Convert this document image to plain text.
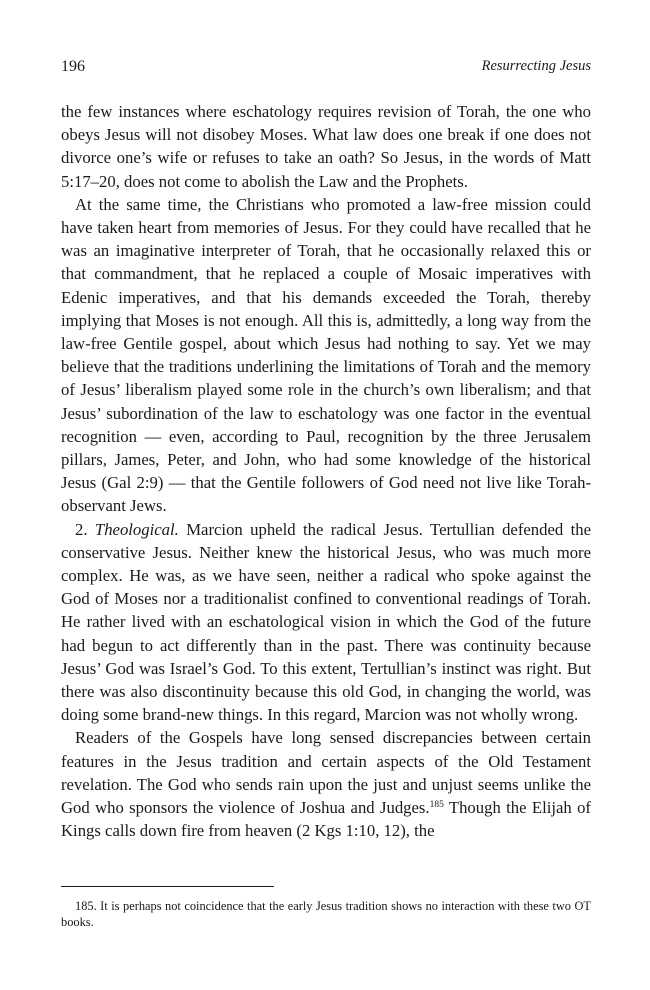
196	Resurrecting Jesus

the few instances where eschatology requires revision of Torah, the one who obeys Jesus will not disobey Moses. What law does one break if one does not divorce one’s wife or refuses to take an oath? So Jesus, in the words of Matt 5:17–20, does not come to abolish the Law and the Prophets.

At the same time, the Christians who promoted a law-free mission could have taken heart from memories of Jesus. For they could have recalled that he was an imaginative interpreter of Torah, that he occasionally relaxed this or that commandment, that he replaced a couple of Mosaic imperatives with Edenic imperatives, and that his demands exceeded the Torah, thereby implying that Moses is not enough. All this is, admittedly, a long way from the law-free Gentile gospel, about which Jesus had nothing to say. Yet we may believe that the traditions underlining the limitations of Torah and the memory of Jesus’ liberalism played some role in the church’s own liberalism; and that Jesus’ subordination of the law to eschatology was one factor in the eventual recognition — even, according to Paul, recognition by the three Jerusalem pillars, James, Peter, and John, who had some knowledge of the historical Jesus (Gal 2:9) — that the Gentile followers of God need not live like Torah-observant Jews.

2. Theological. Marcion upheld the radical Jesus. Tertullian defended the conservative Jesus. Neither knew the historical Jesus, who was much more complex. He was, as we have seen, neither a radical who spoke against the God of Moses nor a traditionalist confined to conventional readings of Torah. He rather lived with an eschatological vision in which the God of the future had begun to act differently than in the past. There was continuity because Jesus’ God was Israel’s God. To this extent, Tertullian’s instinct was right. But there was also discontinuity because this old God, in changing the world, was doing some brand-new things. In this regard, Marcion was not wholly wrong.

Readers of the Gospels have long sensed discrepancies between certain features in the Jesus tradition and certain aspects of the Old Testament revelation. The God who sends rain upon the just and unjust seems unlike the God who sponsors the violence of Joshua and Judges.$^{185}$ Though the Elijah of Kings calls down fire from heaven (2 Kgs 1:10, 12), the

185. It is perhaps not coincidence that the early Jesus tradition shows no interaction with these two OT books.
